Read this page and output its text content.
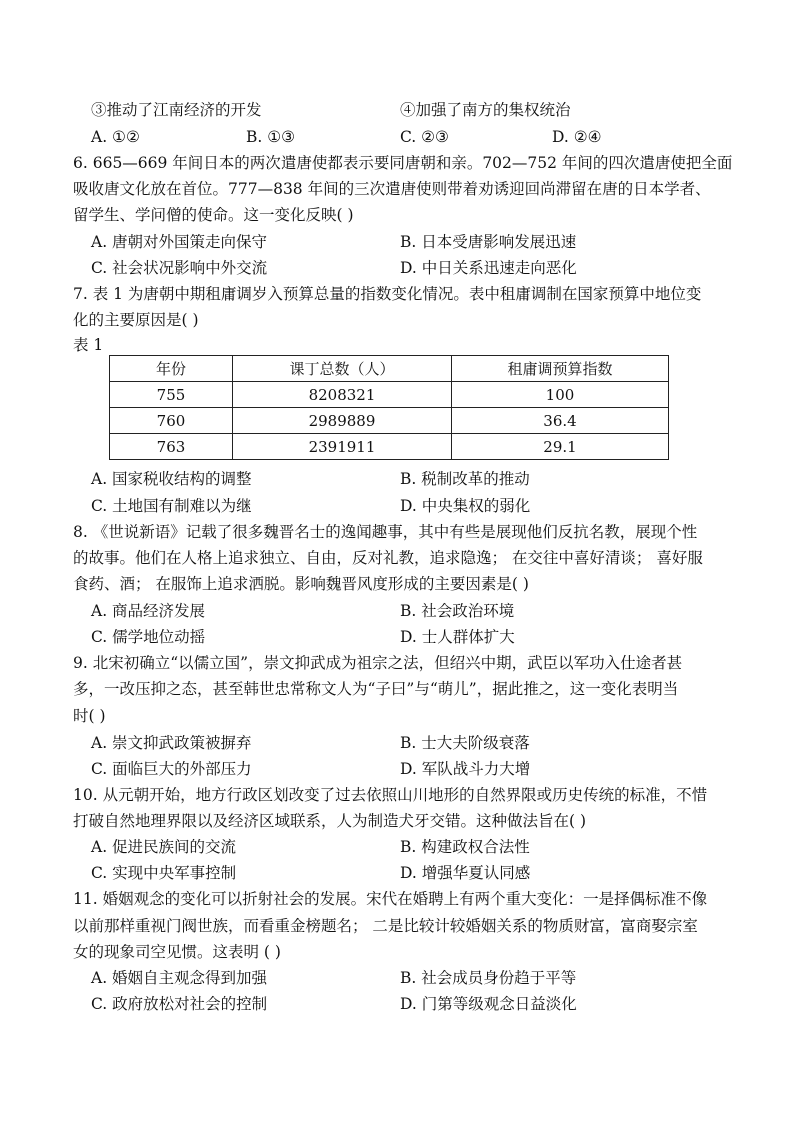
③推动了江南经济的开发	④加强了南方的集权统治
A. ①②	B. ①③	C. ②③	D. ②④
6. 665—669 年间日本的两次遣唐使都表示要同唐朝和亲。702—752 年间的四次遣唐使把全面
吸收唐文化放在首位。777—838 年间的三次遣唐使则带着劝诱迎回尚滞留在唐的日本学者、
留学生、学问僧的使命。这一变化反映( )
A. 唐朝对外国策走向保守	B. 日本受唐影响发展迅速
C. 社会状况影响中外交流	D. 中日关系迅速走向恶化
7. 表 1 为唐朝中期租庸调岁入预算总量的指数变化情况。表中租庸调制在国家预算中地位变
化的主要原因是( )
表 1
年份	课丁总数（人）	租庸调预算指数
755	8208321	100
760	2989889	36.4
763	2391911	29.1
A. 国家税收结构的调整	B. 税制改革的推动
C. 土地国有制难以为继	D. 中央集权的弱化
8. 《世说新语》记载了很多魏晋名士的逸闻趣事，其中有些是展现他们反抗名教，展现个性
的故事。他们在人格上追求独立、自由，反对礼教，追求隐逸； 在交往中喜好清谈； 喜好服
食药、酒； 在服饰上追求洒脱。影响魏晋风度形成的主要因素是( )
A. 商品经济发展	B. 社会政治环境
C. 儒学地位动摇	D. 士人群体扩大
9. 北宋初确立“以儒立国”，崇文抑武成为祖宗之法，但绍兴中期，武臣以军功入仕途者甚
多，一改压抑之态，甚至韩世忠常称文人为“子曰”与“萌儿”，据此推之，这一变化表明当
时( )
A. 崇文抑武政策被摒弃	B. 士大夫阶级衰落
C. 面临巨大的外部压力	D. 军队战斗力大增
10. 从元朝开始，地方行政区划改变了过去依照山川地形的自然界限或历史传统的标准，不惜
打破自然地理界限以及经济区域联系，人为制造犬牙交错。这种做法旨在( )
A. 促进民族间的交流	B. 构建政权合法性
C. 实现中央军事控制	D. 增强华夏认同感
11. 婚姻观念的变化可以折射社会的发展。宋代在婚聘上有两个重大变化：一是择偶标准不像
以前那样重视门阀世族，而看重金榜题名； 二是比较计较婚姻关系的物质财富，富商娶宗室
女的现象司空见惯。这表明 ( )
A. 婚姻自主观念得到加强	B. 社会成员身份趋于平等
C. 政府放松对社会的控制	D. 门第等级观念日益淡化
